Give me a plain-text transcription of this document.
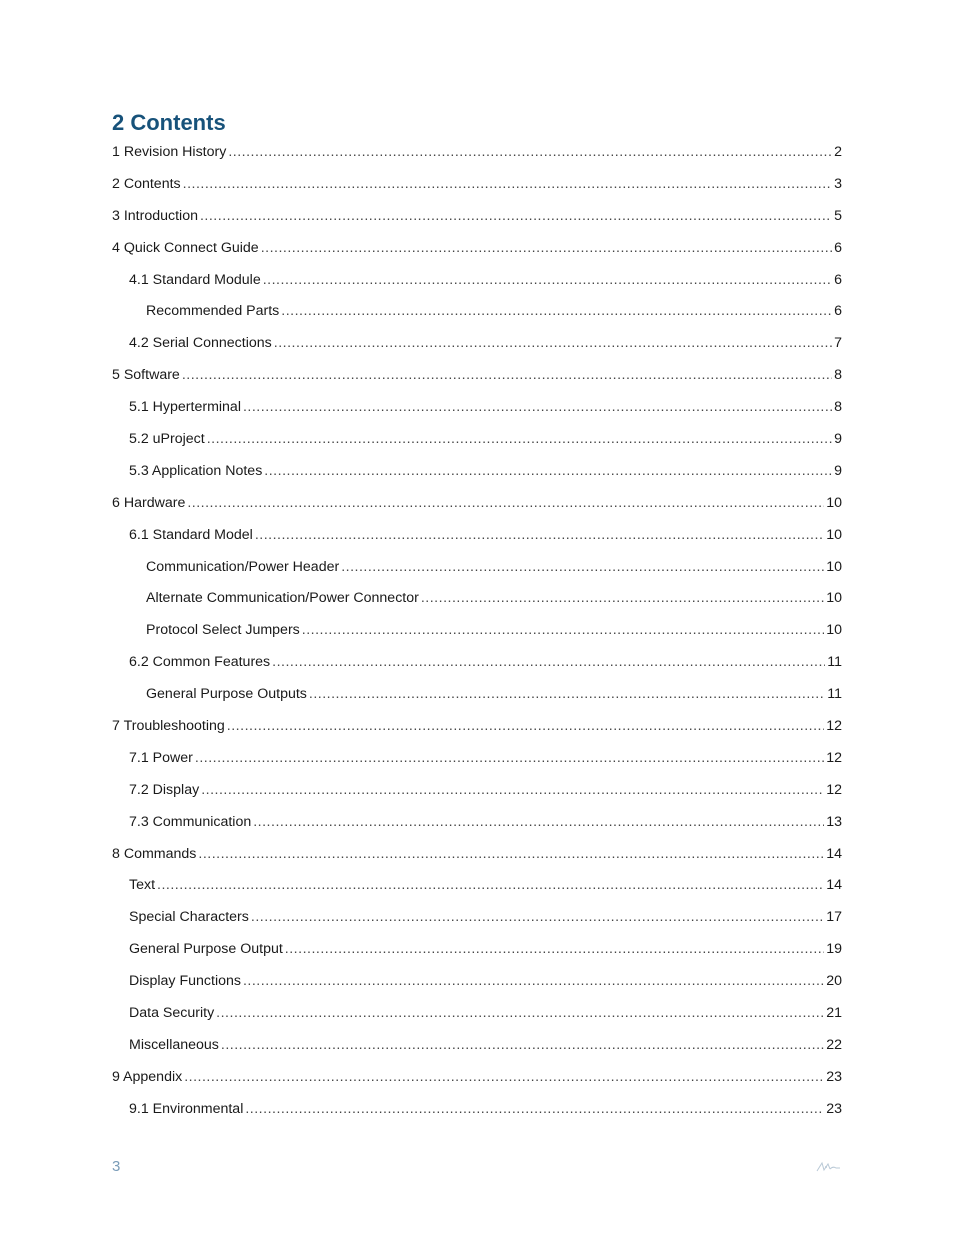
2 Contents
1 Revision History .....	2
2 Contents .....	3
3 Introduction .....	5
4 Quick Connect Guide .....	6
4.1 Standard Module .....	6
Recommended Parts .....	6
4.2 Serial Connections .....	7
5 Software .....	8
5.1 Hyperterminal .....	8
5.2 uProject .....	9
5.3 Application Notes .....	9
6 Hardware .....	10
6.1 Standard Model .....	10
Communication/Power Header .....	10
Alternate Communication/Power Connector .....	10
Protocol Select Jumpers .....	10
6.2 Common Features .....	11
General Purpose Outputs .....	11
7 Troubleshooting .....	12
7.1 Power .....	12
7.2 Display .....	12
7.3 Communication .....	13
8 Commands .....	14
Text .....	14
Special Characters .....	17
General Purpose Output .....	19
Display Functions .....	20
Data Security .....	21
Miscellaneous .....	22
9 Appendix .....	23
9.1 Environmental .....	23
3
